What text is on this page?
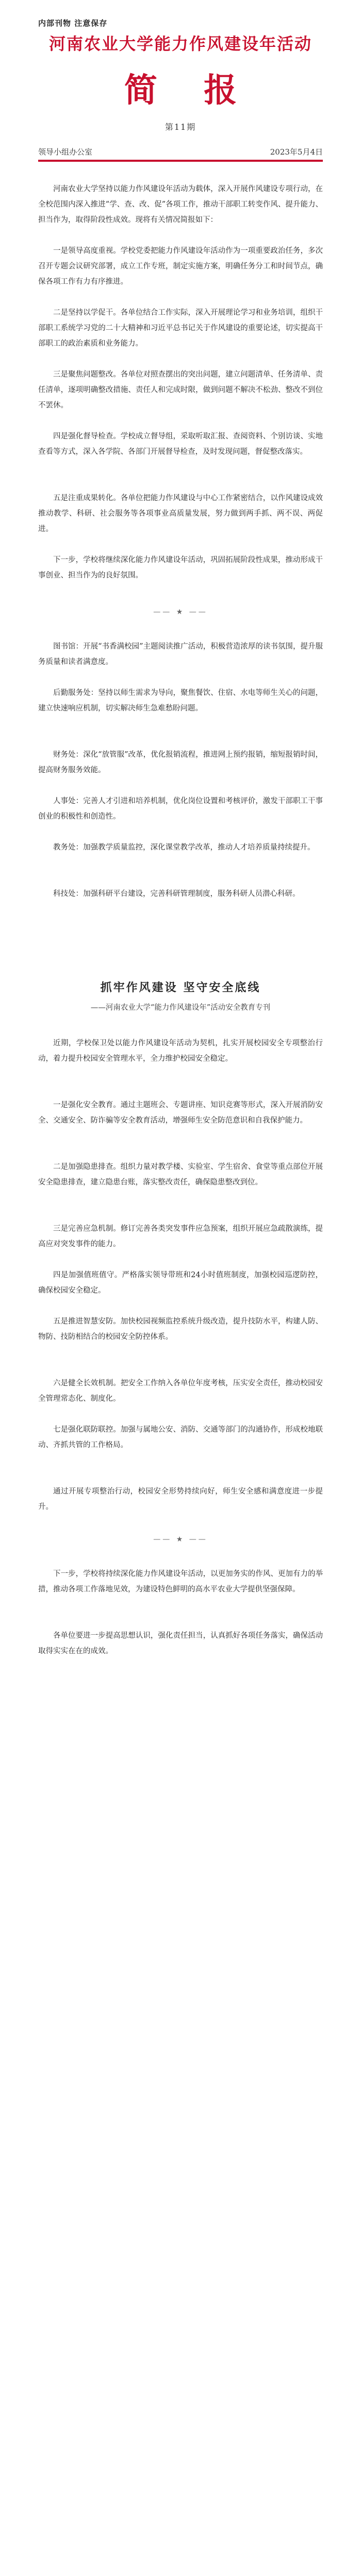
内部刊物 注意保存
河南农业大学能力作风建设年活动
简 报
第11期
领导小组办公室	2023年5月4日
河南农业大学坚持以能力作风建设年活动为载体，深入开展作风建设专项行动，在全校范围内深入推进“学、查、改、促”各项工作，推动干部职工转变作风、提升能力、担当作为，取得阶段性成效。现将有关情况简报如下：
一是领导高度重视。学校党委把能力作风建设年活动作为一项重要政治任务，多次召开专题会议研究部署，成立工作专班，制定实施方案，明确任务分工和时间节点，确保各项工作有力有序推进。
二是坚持以学促干。各单位结合工作实际，深入开展理论学习和业务培训，组织干部职工系统学习党的二十大精神和习近平总书记关于作风建设的重要论述，切实提高干部职工的政治素质和业务能力。
三是聚焦问题整改。各单位对照查摆出的突出问题，建立问题清单、任务清单、责任清单，逐项明确整改措施、责任人和完成时限，做到问题不解决不松劲、整改不到位不罢休。
四是强化督导检查。学校成立督导组，采取听取汇报、查阅资料、个别访谈、实地查看等方式，深入各学院、各部门开展督导检查，及时发现问题，督促整改落实。
五是注重成果转化。各单位把能力作风建设与中心工作紧密结合，以作风建设成效推动教学、科研、社会服务等各项事业高质量发展，努力做到两手抓、两不误、两促进。
下一步，学校将继续深化能力作风建设年活动，巩固拓展阶段性成果，推动形成干事创业、担当作为的良好氛围。
—— ★ ——
图书馆：开展“书香满校园”主题阅读推广活动，积极营造浓厚的读书氛围，提升服务质量和读者满意度。
后勤服务处：坚持以师生需求为导向，聚焦餐饮、住宿、水电等师生关心的问题，建立快速响应机制，切实解决师生急难愁盼问题。
财务处：深化“放管服”改革，优化报销流程，推进网上预约报销，缩短报销时间，提高财务服务效能。
人事处：完善人才引进和培养机制，优化岗位设置和考核评价，激发干部职工干事创业的积极性和创造性。
教务处：加强教学质量监控，深化课堂教学改革，推动人才培养质量持续提升。
科技处：加强科研平台建设，完善科研管理制度，服务科研人员潜心科研。
抓牢作风建设 坚守安全底线
——河南农业大学“能力作风建设年”活动安全教育专刊
近期，学校保卫处以能力作风建设年活动为契机，扎实开展校园安全专项整治行动，着力提升校园安全管理水平，全力维护校园安全稳定。
一是强化安全教育。通过主题班会、专题讲座、知识竞赛等形式，深入开展消防安全、交通安全、防诈骗等安全教育活动，增强师生安全防范意识和自我保护能力。
二是加强隐患排查。组织力量对教学楼、实验室、学生宿舍、食堂等重点部位开展安全隐患排查，建立隐患台账，落实整改责任，确保隐患整改到位。
三是完善应急机制。修订完善各类突发事件应急预案，组织开展应急疏散演练，提高应对突发事件的能力。
四是加强值班值守。严格落实领导带班和24小时值班制度，加强校园巡逻防控，确保校园安全稳定。
五是推进智慧安防。加快校园视频监控系统升级改造，提升技防水平，构建人防、物防、技防相结合的校园安全防控体系。
六是健全长效机制。把安全工作纳入各单位年度考核，压实安全责任，推动校园安全管理常态化、制度化。
七是强化联防联控。加强与属地公安、消防、交通等部门的沟通协作，形成校地联动、齐抓共管的工作格局。
通过开展专项整治行动，校园安全形势持续向好，师生安全感和满意度进一步提升。
—— ★ ——
下一步，学校将持续深化能力作风建设年活动，以更加务实的作风、更加有力的举措，推动各项工作落地见效，为建设特色鲜明的高水平农业大学提供坚强保障。
各单位要进一步提高思想认识，强化责任担当，认真抓好各项任务落实，确保活动取得实实在在的成效。
